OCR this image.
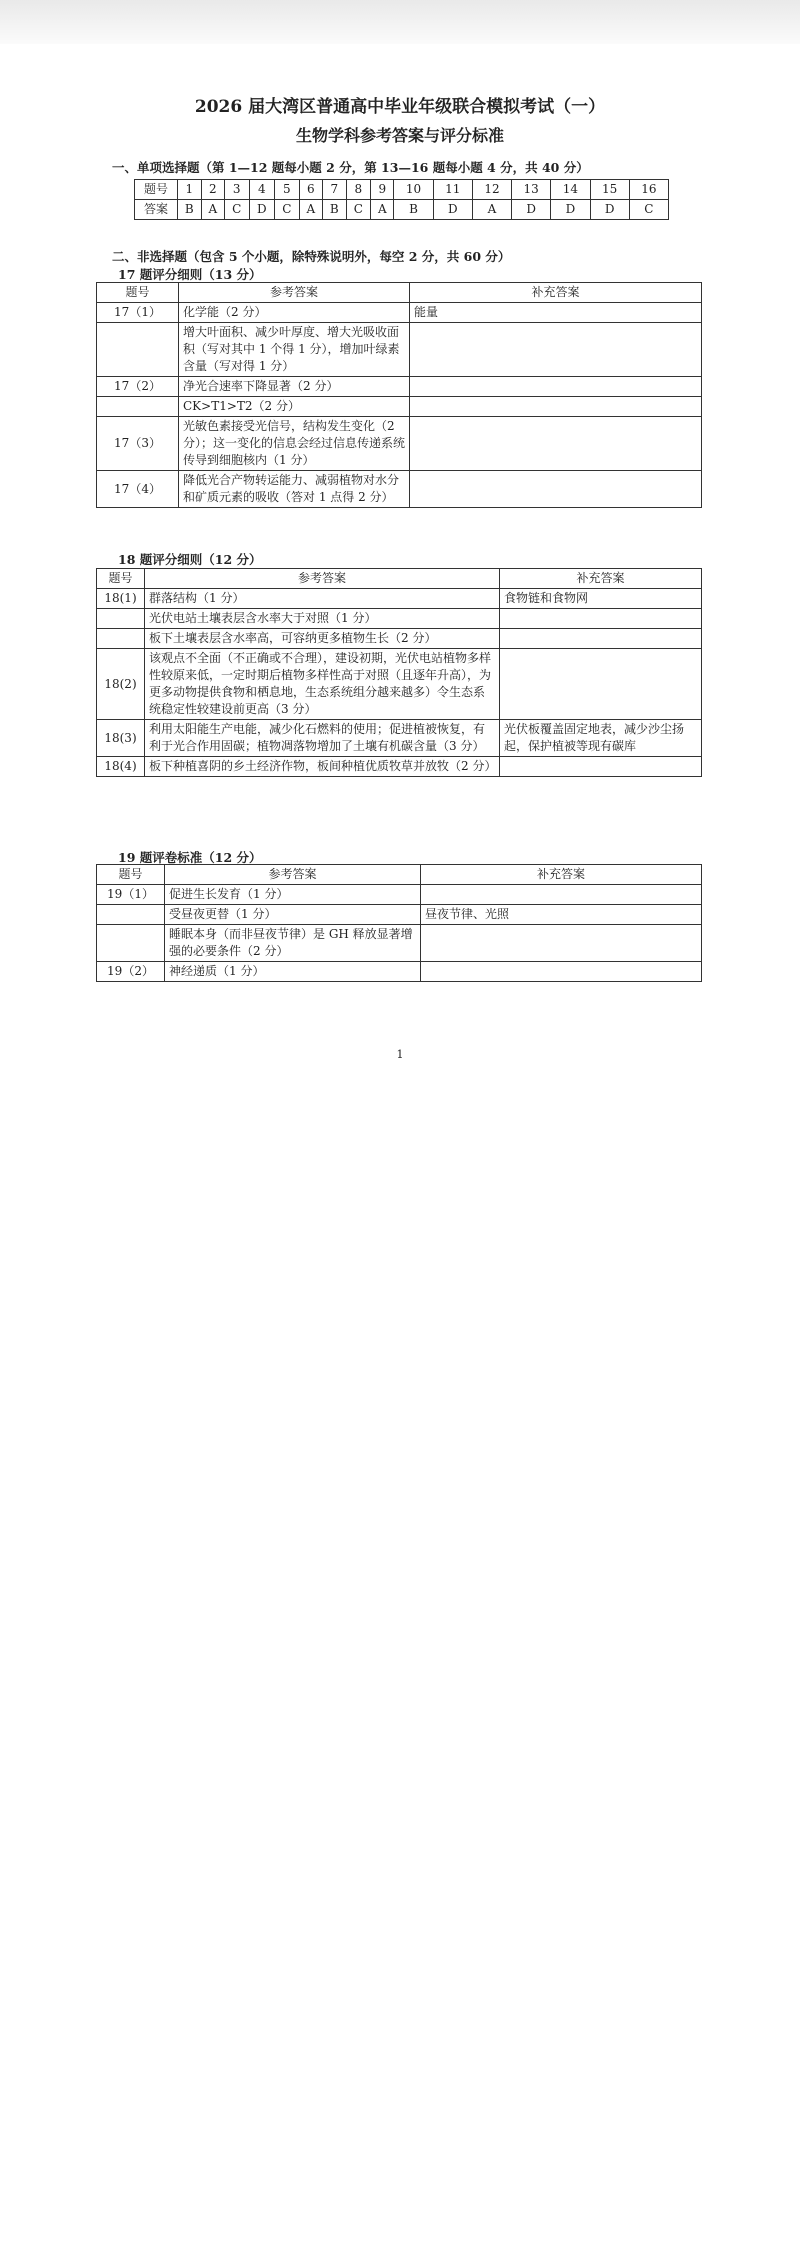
2026 届大湾区普通高中毕业年级联合模拟考试（一）
生物学科参考答案与评分标准
一、单项选择题（第 1—12 题每小题 2 分，第 13—16 题每小题 4 分，共 40 分）
题号	1	2	3	4	5	6	7	8	9	10	11	12	13	14	15	16
答案	B	A	C	D	C	A	B	C	A	B	D	A	D	D	D	C
二、非选择题（包含 5 个小题，除特殊说明外，每空 2 分，共 60 分）
17 题评分细则（13 分）
题号	参考答案	补充答案
17（1）	化学能（2 分）	能量
	增大叶面积、减少叶厚度、增大光吸收面积（写对其中 1 个得 1 分），增加叶绿素含量（写对得 1 分）	
17（2）	净光合速率下降显著（2 分）	
	CK>T1>T2（2 分）	
17（3）	光敏色素接受光信号，结构发生变化（2 分）；这一变化的信息会经过信息传递系统传导到细胞核内（1 分）	
17（4）	降低光合产物转运能力、减弱植物对水分和矿质元素的吸收（答对 1 点得 2 分）	
18 题评分细则（12 分）
题号	参考答案	补充答案
18(1)	群落结构（1 分）	食物链和食物网
	光伏电站土壤表层含水率大于对照（1 分）	
	板下土壤表层含水率高，可容纳更多植物生长（2 分）	
18(2)	该观点不全面（不正确或不合理），建设初期，光伏电站植物多样性较原来低，一定时期后植物多样性高于对照（且逐年升高），为更多动物提供食物和栖息地，生态系统组分越来越多）令生态系统稳定性较建设前更高（3 分）	
18(3)	利用太阳能生产电能，减少化石燃料的使用；促进植被恢复，有利于光合作用固碳；植物凋落物增加了土壤有机碳含量（3 分）	光伏板覆盖固定地表，减少沙尘扬起，保护植被等现有碳库
18(4)	板下种植喜阴的乡土经济作物，板间种植优质牧草并放牧（2 分）	
19 题评卷标准（12 分）
题号	参考答案	补充答案
19（1）	促进生长发育（1 分）	
	受昼夜更替（1 分）	昼夜节律、光照
	睡眠本身（而非昼夜节律）是 GH 释放显著增强的必要条件（2 分）	
19（2）	神经递质（1 分）	
1
